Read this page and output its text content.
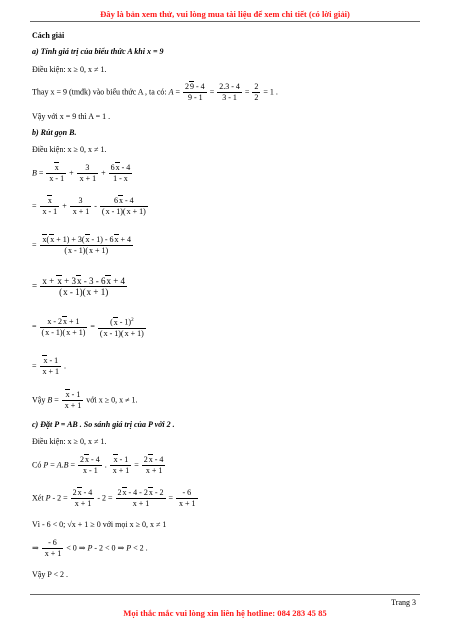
Đây là bản xem thử, vui lòng mua tài liệu để xem chi tiết (có lời giải)
Cách giải
a) Tính giá trị của biểu thức A khi x = 9
Điều kiện: x ≥ 0, x ≠ 1.
Thay x = 9 (tmđk) vào biểu thức A , ta có: $A = \frac{29 - 4}{9 - 1} = \frac{2.3 - 4}{3 - 1} = \frac{2}{2} = 1$ .
Vậy với x = 9 thì A = 1 .
b) Rút gọn B.
Điều kiện: x ≥ 0, x ≠ 1.
$B = \frac{x}{x - 1} + \frac{3}{x + 1} + \frac{6x - 4}{1 - x}$
= $\frac{x}{x - 1} + \frac{3}{x + 1} - \frac{6x - 4}{(x - 1)(x + 1)}$
= $\frac{x(x + 1) + 3(x - 1) - 6x + 4}{(x - 1)(x + 1)}$
= $\frac{x + x + 3x - 3 - 6x + 4}{(x - 1)(x + 1)}$
= $\frac{x - 2x + 1}{(x - 1)(x + 1)} = \frac{(x - 1)^2}{(x - 1)(x + 1)}$
= $\frac{x - 1}{x + 1}$ .
Vậy $B = \frac{x - 1}{x + 1}$ với x ≥ 0, x ≠ 1.
c) Đặt P = AB . So sánh giá trị của P với 2 .
Điều kiện: x ≥ 0, x ≠ 1.
Có $P = A.B = \frac{2x - 4}{x - 1}$ . $\frac{x - 1}{x + 1} = \frac{2x - 4}{x + 1}$
Xét $P - 2 = \frac{2x - 4}{x + 1} - 2 = \frac{2x - 4 - 2x - 2}{x + 1} = \frac{- 6}{x + 1}$
Vì - 6 < 0; √x + 1 ≥ 0 với mọi x ≥ 0, x ≠ 1
⇒ $\frac{- 6}{x + 1} < 0$ ⇒ P - 2 < 0 ⇒ P < 2 .
Vậy P < 2 .
Trang 3
Mọi thắc mắc vui lòng xin liên hệ hotline: 084 283 45 85
